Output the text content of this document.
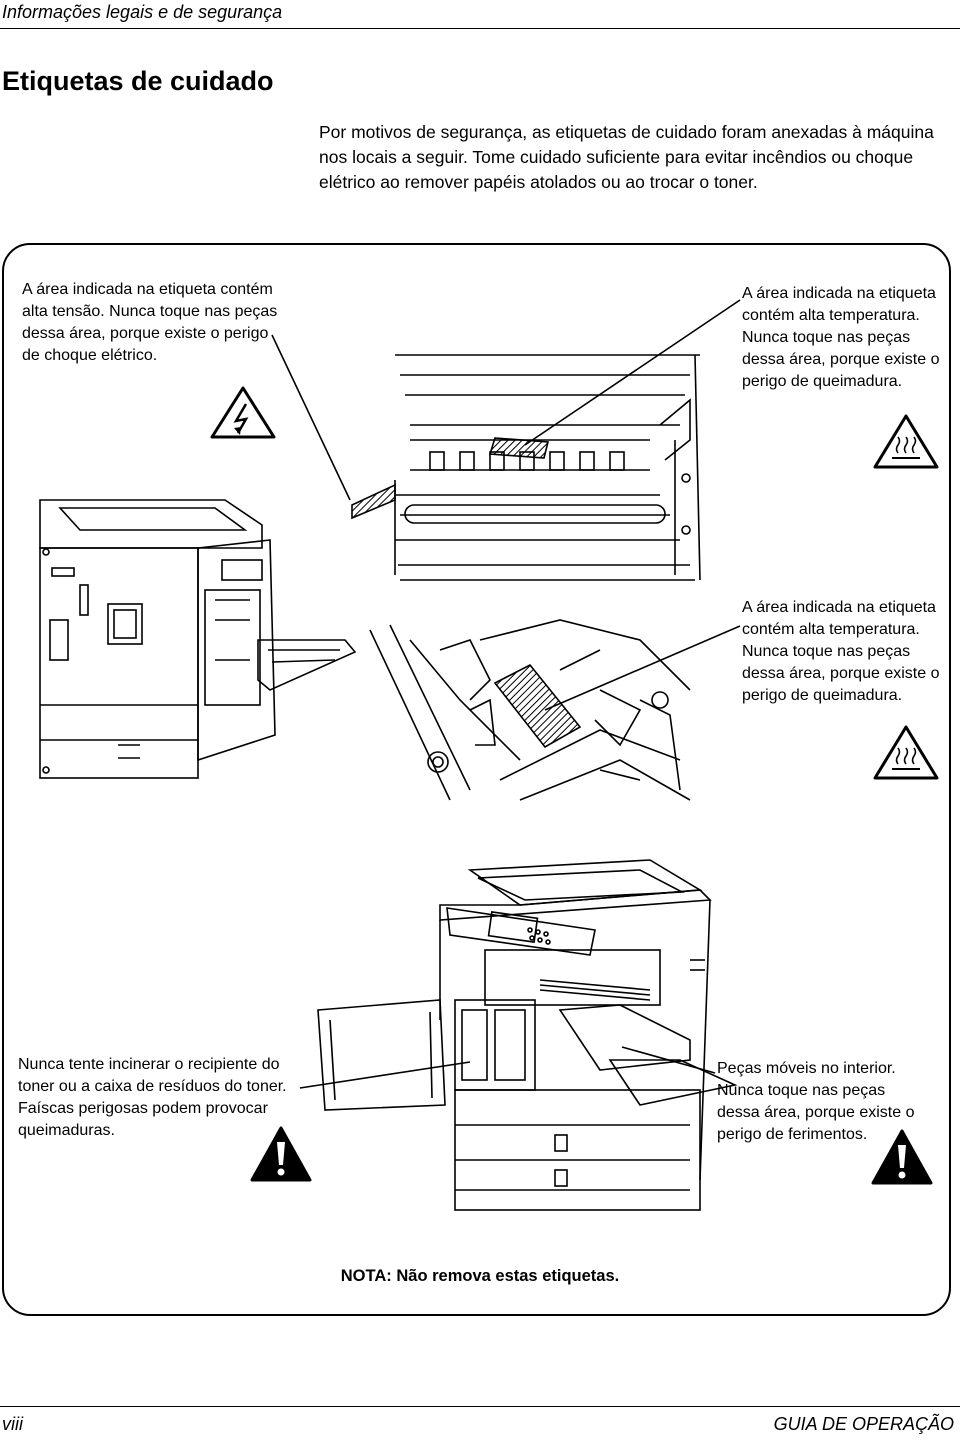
Informações legais e de segurança
Etiquetas de cuidado
Por motivos de segurança, as etiquetas de cuidado foram anexadas à máquina nos locais a seguir. Tome cuidado suficiente para evitar incêndios ou choque elétrico ao remover papéis atolados ou ao trocar o toner.
A área indicada na etiqueta contém alta tensão. Nunca toque nas peças dessa área, porque existe o perigo de choque elétrico.
A área indicada na etiqueta contém alta temperatura. Nunca toque nas peças dessa área, porque existe o perigo de queimadura.
A área indicada na etiqueta contém alta temperatura. Nunca toque nas peças dessa área, porque existe o perigo de queimadura.
Nunca tente incinerar o recipiente do toner ou a caixa de resíduos do toner. Faíscas perigosas podem provocar queimaduras.
Peças móveis no interior. Nunca toque nas peças dessa área, porque existe o perigo de ferimentos.
NOTA: Não remova estas etiquetas.
viii	GUIA DE OPERAÇÃO
